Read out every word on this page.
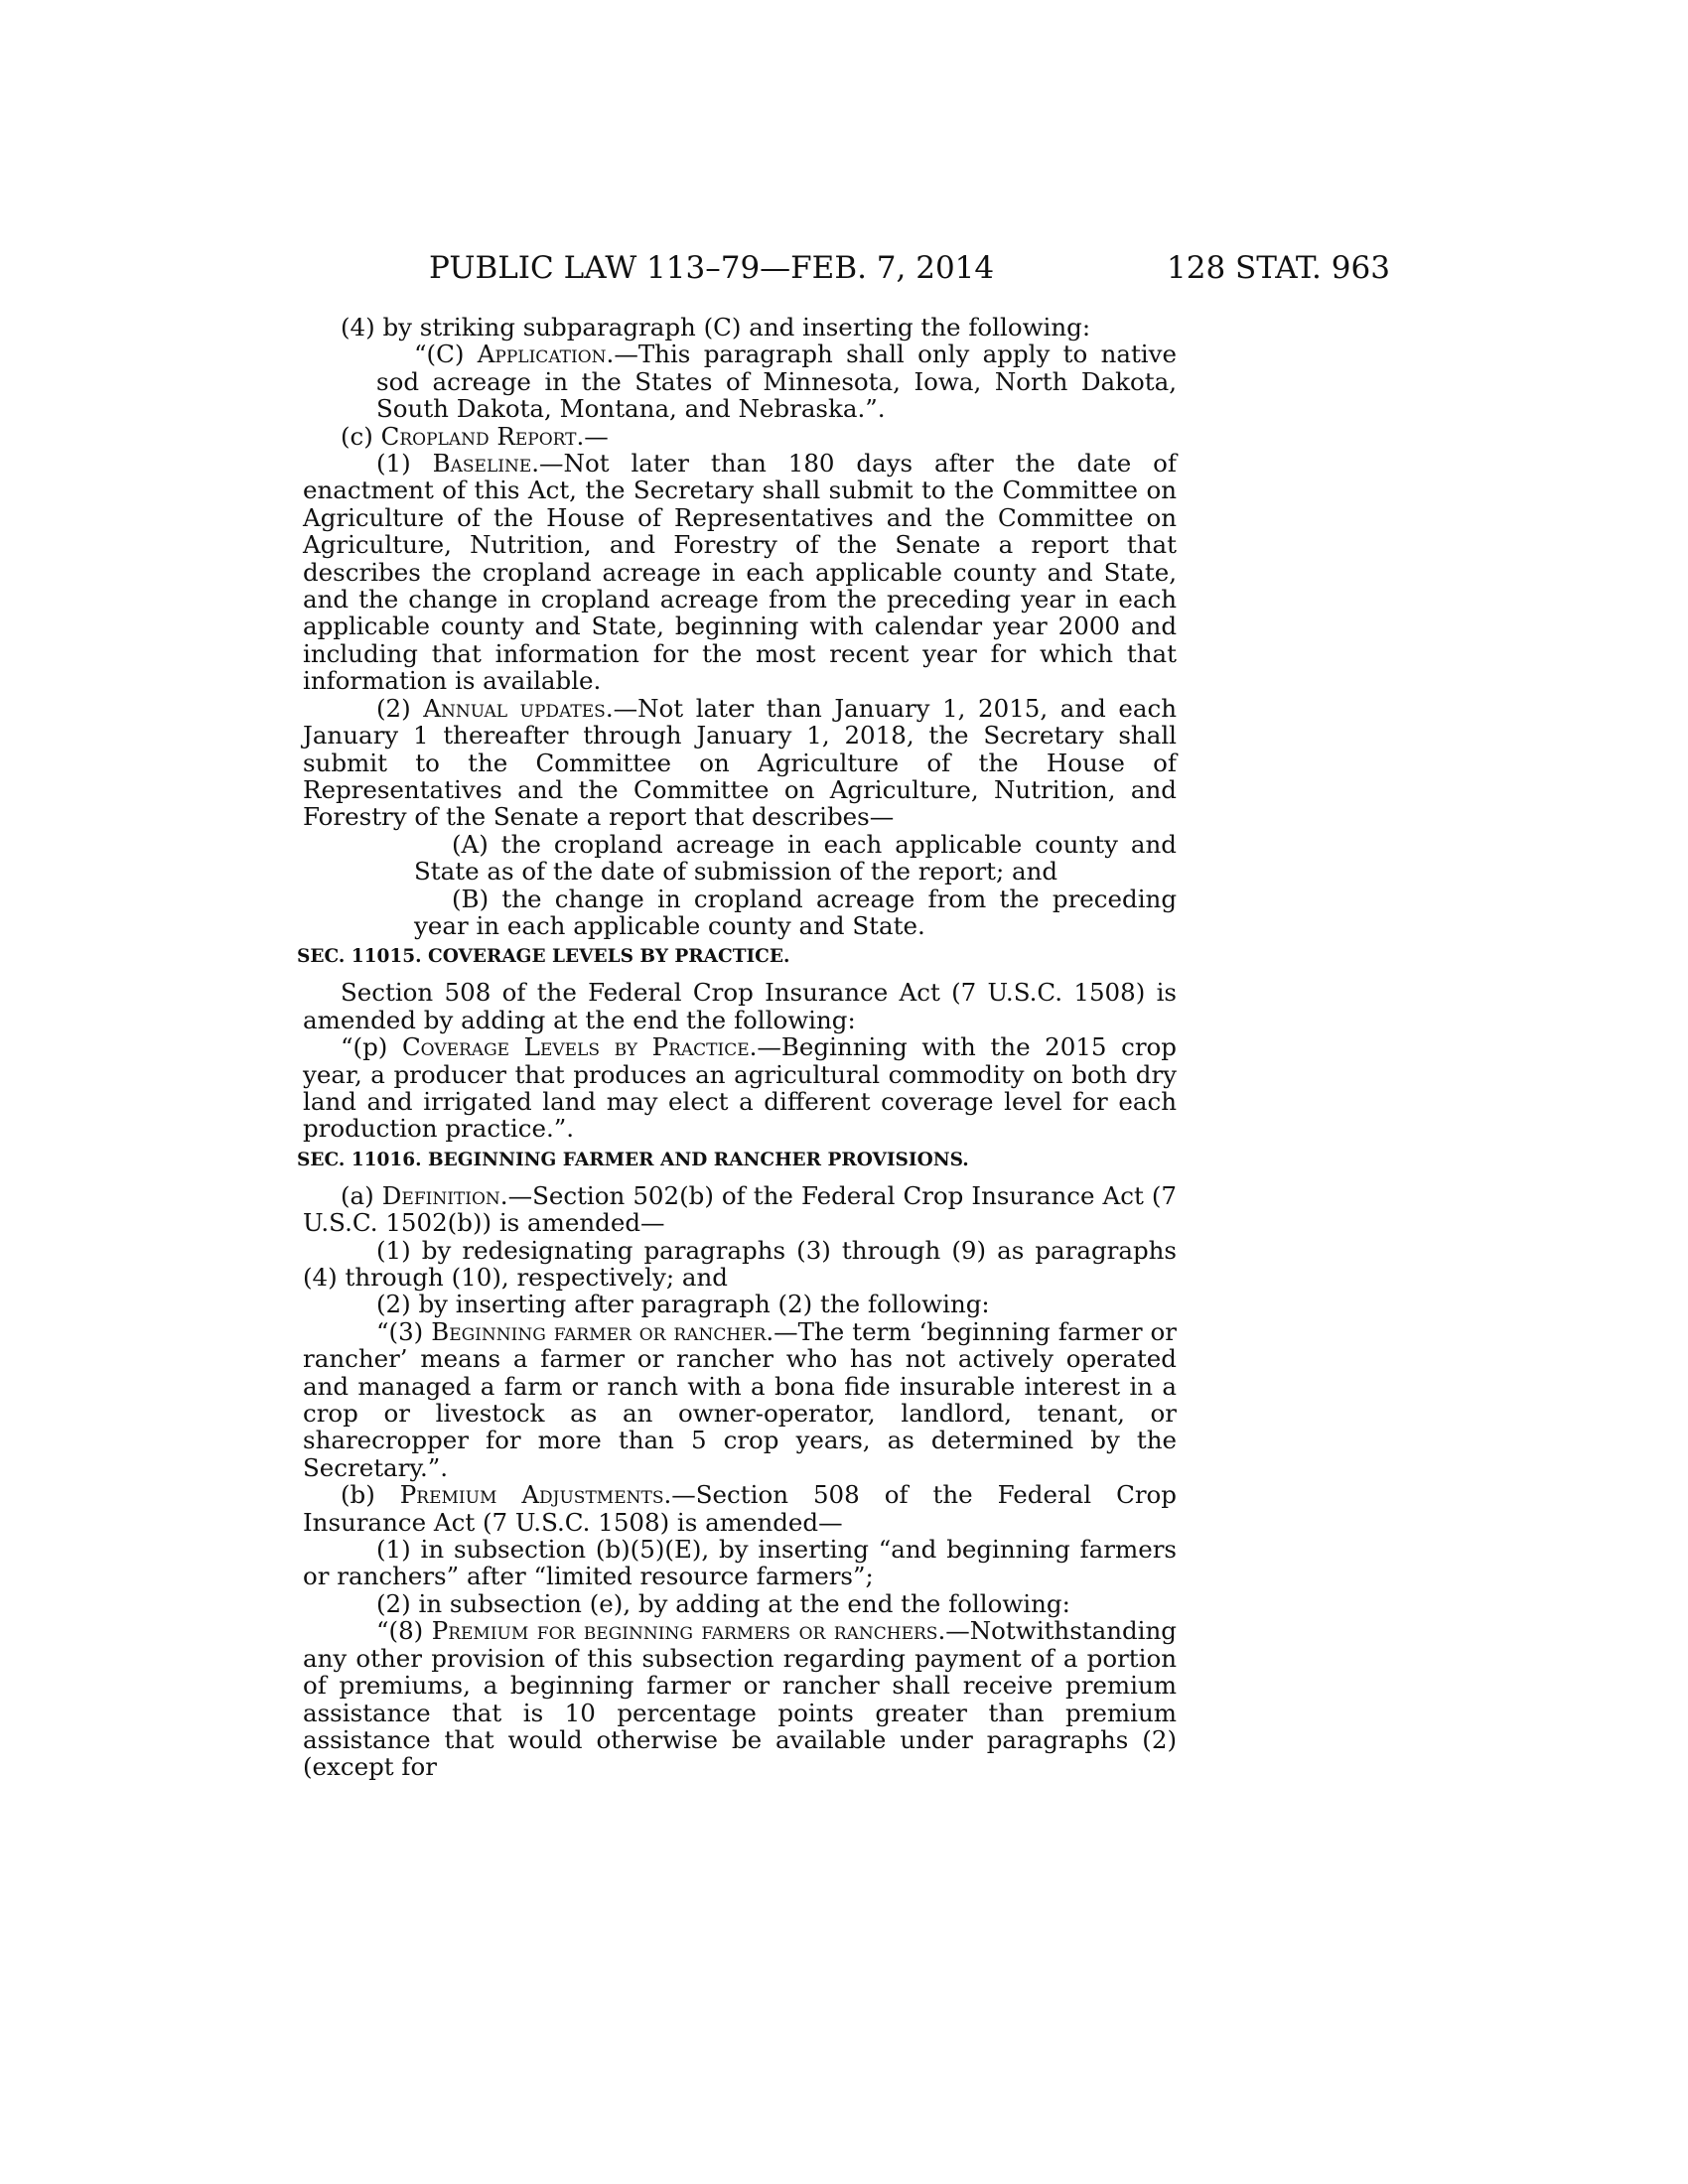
PUBLIC LAW 113–79—FEB. 7, 2014	128 STAT. 963

(4) by striking subparagraph (C) and inserting the following:

“(C) Application.—This paragraph shall only apply to native sod acreage in the States of Minnesota, Iowa, North Dakota, South Dakota, Montana, and Nebraska.”.

(c) Cropland Report.—

(1) Baseline.—Not later than 180 days after the date of enactment of this Act, the Secretary shall submit to the Committee on Agriculture of the House of Representatives and the Committee on Agriculture, Nutrition, and Forestry of the Senate a report that describes the cropland acreage in each applicable county and State, and the change in cropland acreage from the preceding year in each applicable county and State, beginning with calendar year 2000 and including that information for the most recent year for which that information is available.

(2) Annual updates.—Not later than January 1, 2015, and each January 1 thereafter through January 1, 2018, the Secretary shall submit to the Committee on Agriculture of the House of Representatives and the Committee on Agriculture, Nutrition, and Forestry of the Senate a report that describes—

(A) the cropland acreage in each applicable county and State as of the date of submission of the report; and

(B) the change in cropland acreage from the preceding year in each applicable county and State.

SEC. 11015. COVERAGE LEVELS BY PRACTICE.

Section 508 of the Federal Crop Insurance Act (7 U.S.C. 1508) is amended by adding at the end the following:

“(p) Coverage Levels by Practice.—Beginning with the 2015 crop year, a producer that produces an agricultural commodity on both dry land and irrigated land may elect a different coverage level for each production practice.”.

SEC. 11016. BEGINNING FARMER AND RANCHER PROVISIONS.

(a) Definition.—Section 502(b) of the Federal Crop Insurance Act (7 U.S.C. 1502(b)) is amended—

(1) by redesignating paragraphs (3) through (9) as paragraphs (4) through (10), respectively; and

(2) by inserting after paragraph (2) the following:

“(3) Beginning farmer or rancher.—The term ‘beginning farmer or rancher’ means a farmer or rancher who has not actively operated and managed a farm or ranch with a bona fide insurable interest in a crop or livestock as an owner-operator, landlord, tenant, or sharecropper for more than 5 crop years, as determined by the Secretary.”.

(b) Premium Adjustments.—Section 508 of the Federal Crop Insurance Act (7 U.S.C. 1508) is amended—

(1) in subsection (b)(5)(E), by inserting “and beginning farmers or ranchers” after “limited resource farmers”;

(2) in subsection (e), by adding at the end the following:

“(8) Premium for beginning farmers or ranchers.—Notwithstanding any other provision of this subsection regarding payment of a portion of premiums, a beginning farmer or rancher shall receive premium assistance that is 10 percentage points greater than premium assistance that would otherwise be available under paragraphs (2) (except for
